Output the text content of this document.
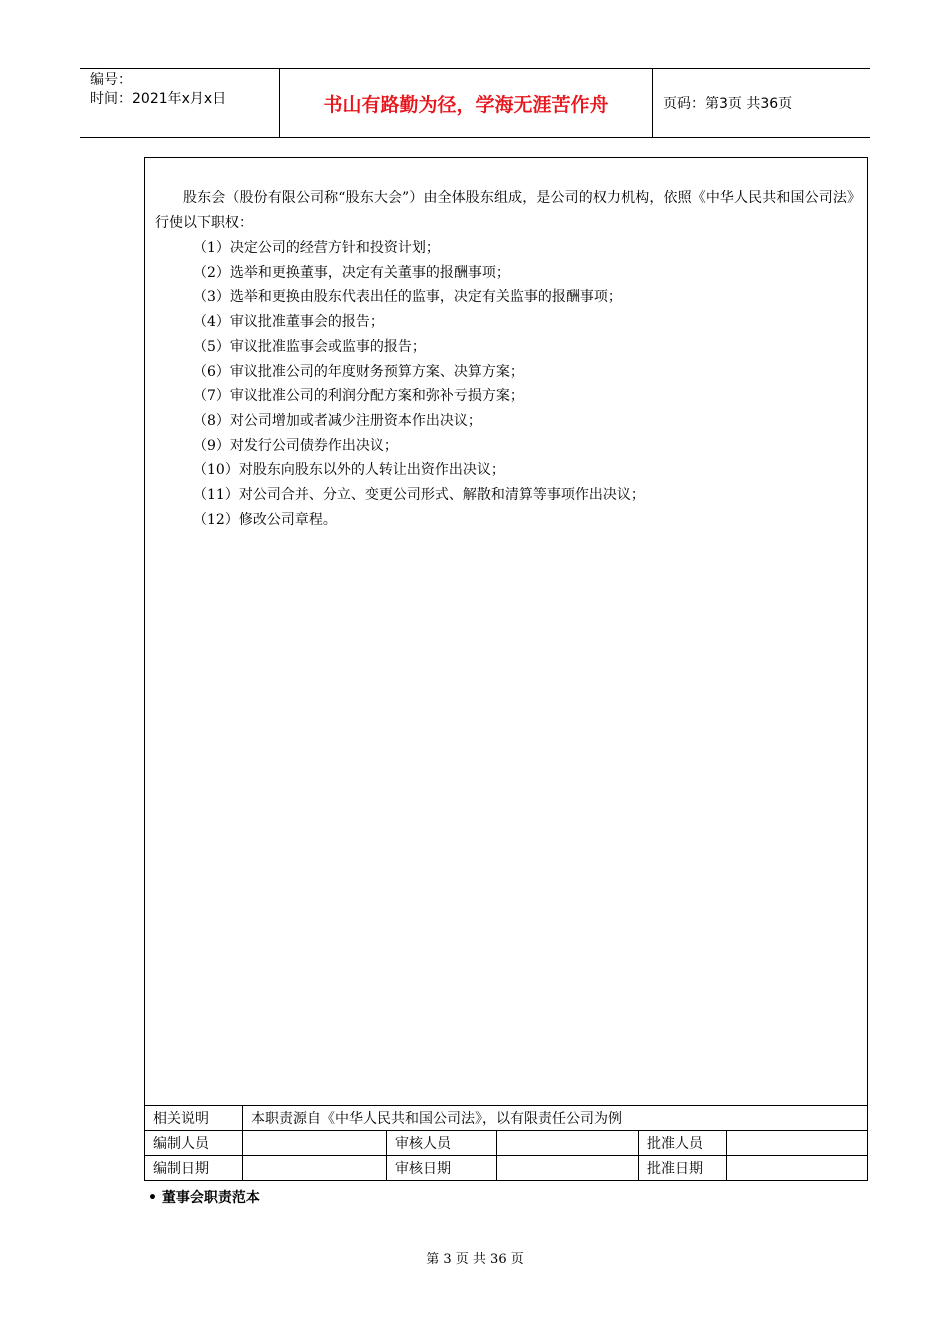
编号：
时间：2021年x月x日	书山有路勤为径，学海无涯苦作舟	页码：第3页 共36页

股东会（股份有限公司称“股东大会”）由全体股东组成，是公司的权力机构，依照《中华人民共和国公司法》行使以下职权：

（1）决定公司的经营方针和投资计划；
（2）选举和更换董事，决定有关董事的报酬事项；
（3）选举和更换由股东代表出任的监事，决定有关监事的报酬事项；
（4）审议批准董事会的报告；
（5）审议批准监事会或监事的报告；
（6）审议批准公司的年度财务预算方案、决算方案；
（7）审议批准公司的利润分配方案和弥补亏损方案；
（8）对公司增加或者减少注册资本作出决议；
（9）对发行公司债券作出决议；
（10）对股东向股东以外的人转让出资作出决议；
（11）对公司合并、分立、变更公司形式、解散和清算等事项作出决议；
（12）修改公司章程。
相关说明	本职责源自《中华人民共和国公司法》，以有限责任公司为例				
编制人员		审核人员		批准人员	
编制日期		审核日期		批准日期	
• 董事会职责范本
第 3 页 共 36 页
